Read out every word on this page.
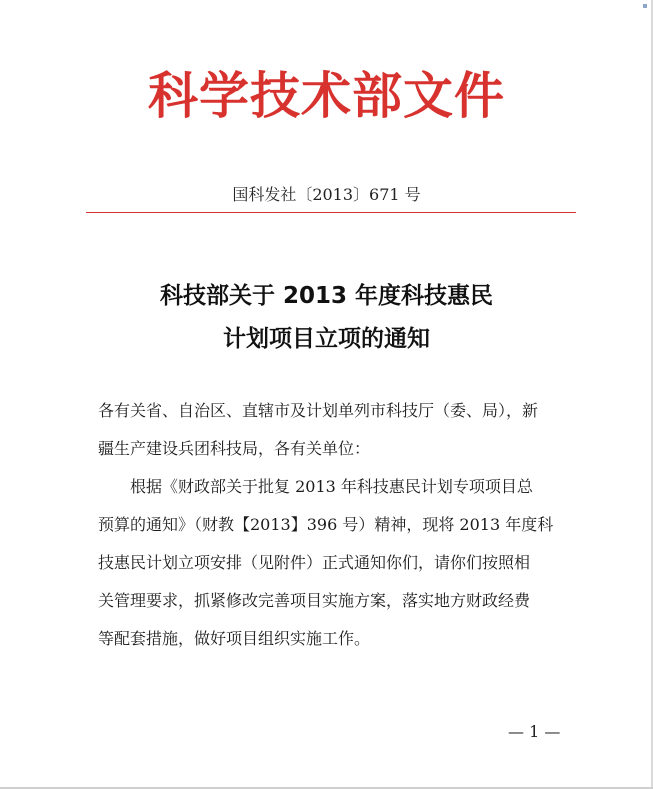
科学技术部文件
国科发社〔2013〕671 号
科技部关于 2013 年度科技惠民
计划项目立项的通知
各有关省、自治区、直辖市及计划单列市科技厅（委、局），新
疆生产建设兵团科技局，各有关单位：
　　根据《财政部关于批复 2013 年科技惠民计划专项项目总
预算的通知》（财教【2013】396 号）精神，现将 2013 年度科
技惠民计划立项安排（见附件）正式通知你们，请你们按照相
关管理要求，抓紧修改完善项目实施方案，落实地方财政经费
等配套措施，做好项目组织实施工作。
— 1 —
